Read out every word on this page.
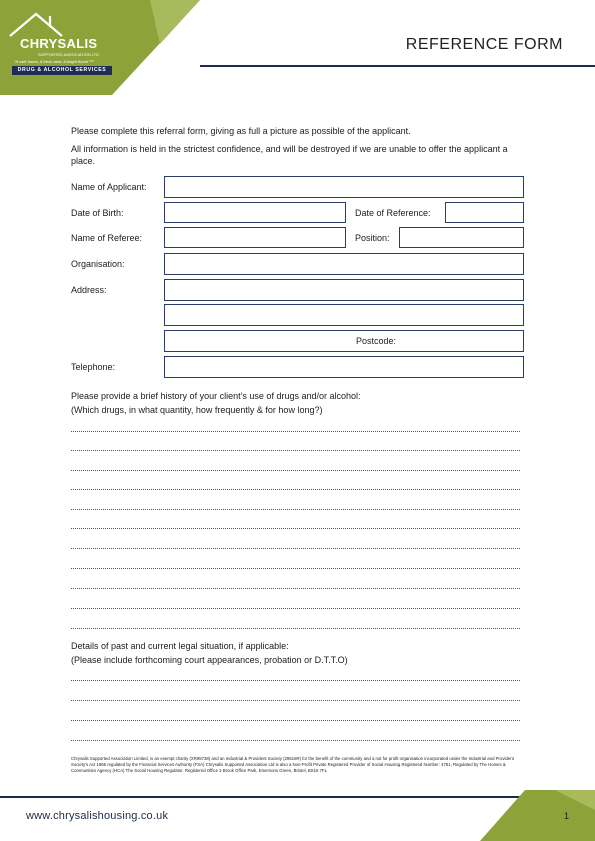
CHRYSALIS
SUPPORTED ASSOCIATION LTD
"A safe home, A fresh start, A bright future"™
DRUG & ALCOHOL SERVICES
REFERENCE FORM
Please complete this referral form, giving as full a picture as possible of the applicant.
All information is held in the strictest confidence, and will be destroyed if we are unable to offer the applicant a place.
Name of Applicant:
Date of Birth:	Date of Reference:
Name of Referee:	Position:
Organisation:
Address:
Postcode:
Telephone:
Please provide a brief history of your client’s use of drugs and/or alcohol:
(Which drugs, in what quantity, how frequently & for how long?)
Details of past and current legal situation, if applicable:
(Please include forthcoming court appearances, probation or D.T.T.O)
Chrysalis Supported Association Limited, is an exempt charity (XR95738) and an Industrial & Provident Society (29518R) for the benefit of the community and a not for profit organisation incorporated under the Industrial and Provident Society’s Act 1965 regulated by the Financial Services Authority (FSA) Chrysalis Supported Association Ltd is also a Non-Profit Private Registered Provider of Social Housing Registered Number: 4751, Regulated by The Homes & Communities Agency (HCA) The Social Housing Regulator. Registered Office 3 Brook Office Park, Emersons Green, Bristol, BS16 7FL
www.chrysalishousing.co.uk	1
